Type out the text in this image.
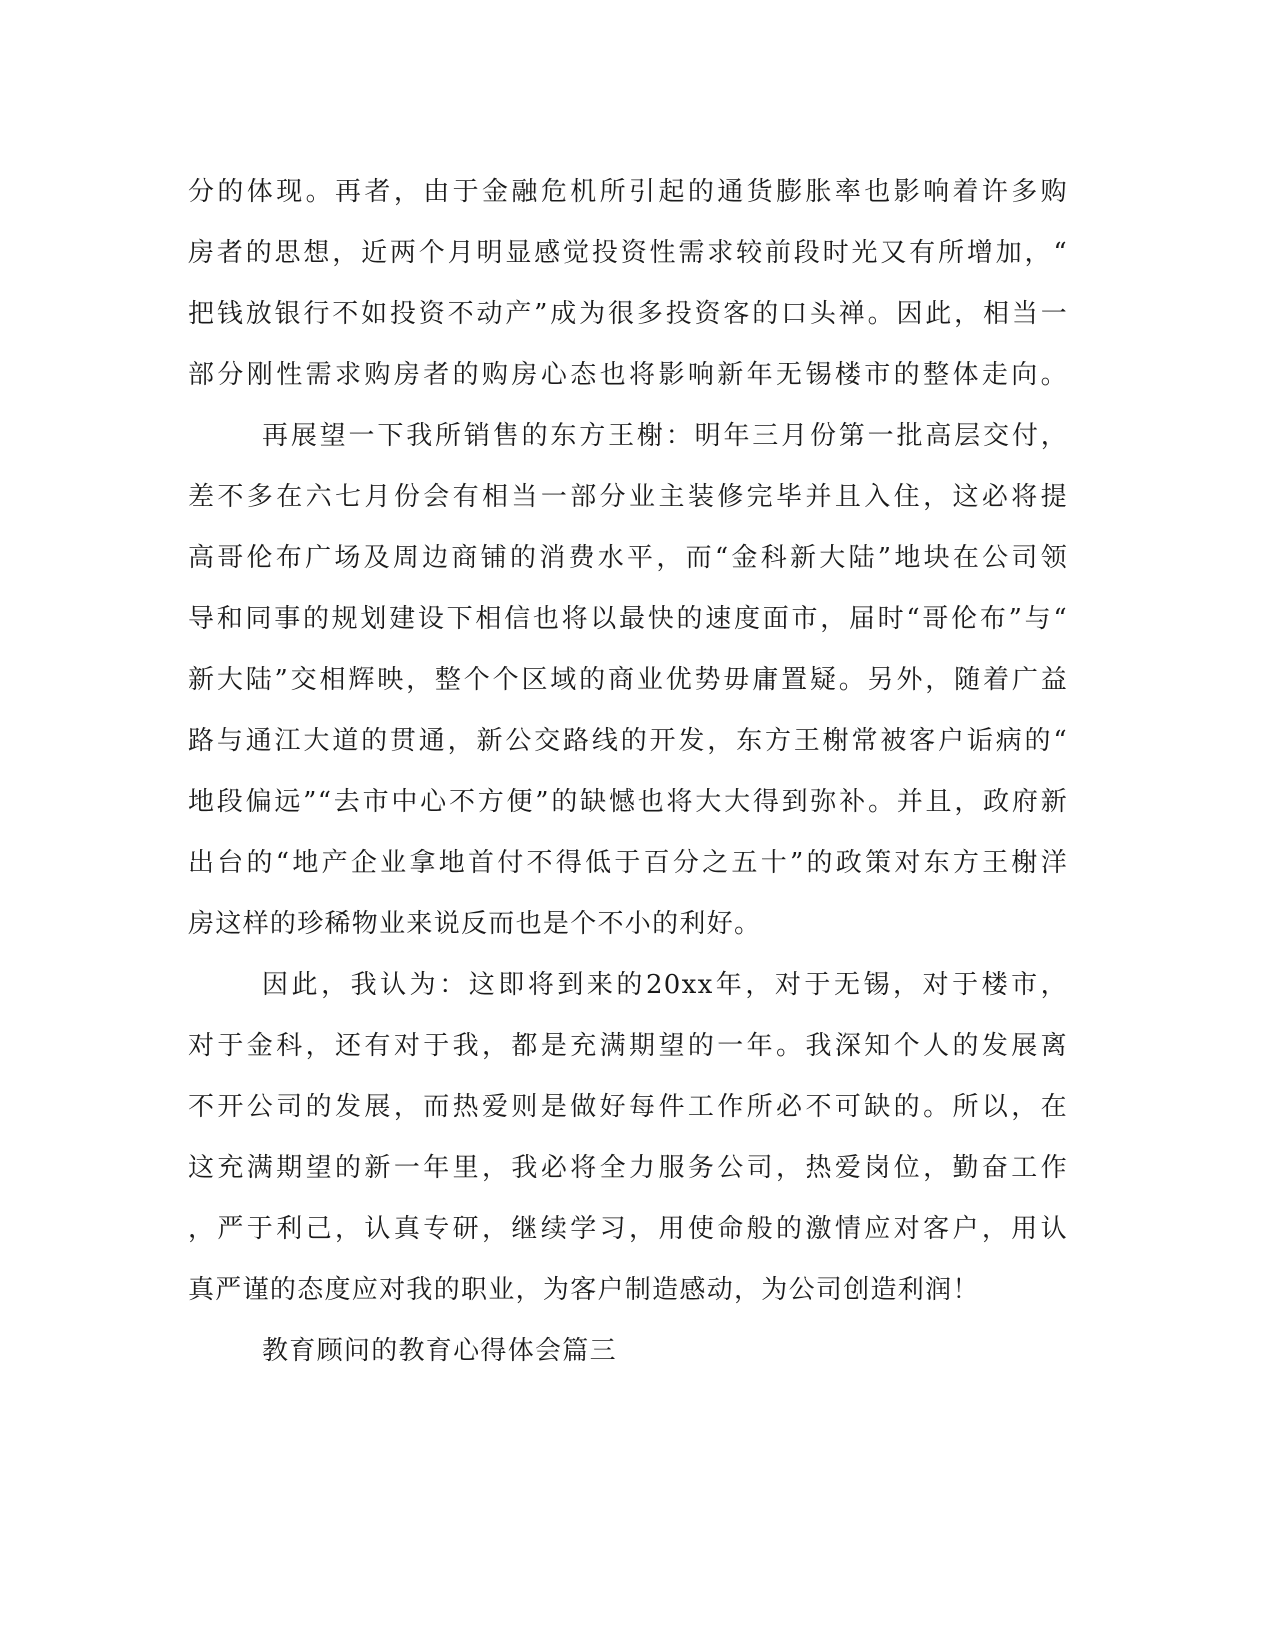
分的体现。再者，由于金融危机所引起的通货膨胀率也影响着许多购
房者的思想，近两个月明显感觉投资性需求较前段时光又有所增加，“
把钱放银行不如投资不动产”成为很多投资客的口头禅。因此，相当一
部分刚性需求购房者的购房心态也将影响新年无锡楼市的整体走向。
再展望一下我所销售的东方王榭：明年三月份第一批高层交付，
差不多在六七月份会有相当一部分业主装修完毕并且入住，这必将提
高哥伦布广场及周边商铺的消费水平，而“金科新大陆”地块在公司领
导和同事的规划建设下相信也将以最快的速度面市，届时“哥伦布”与“
新大陆”交相辉映，整个个区域的商业优势毋庸置疑。另外，随着广益
路与通江大道的贯通，新公交路线的开发，东方王榭常被客户诟病的“
地段偏远”“去市中心不方便”的缺憾也将大大得到弥补。并且，政府新
出台的“地产企业拿地首付不得低于百分之五十”的政策对东方王榭洋
房这样的珍稀物业来说反而也是个不小的利好。
因此，我认为：这即将到来的20xx年，对于无锡，对于楼市，
对于金科，还有对于我，都是充满期望的一年。我深知个人的发展离
不开公司的发展，而热爱则是做好每件工作所必不可缺的。所以，在
这充满期望的新一年里，我必将全力服务公司，热爱岗位，勤奋工作
，严于利己，认真专研，继续学习，用使命般的激情应对客户，用认
真严谨的态度应对我的职业，为客户制造感动，为公司创造利润！
教育顾问的教育心得体会篇三
